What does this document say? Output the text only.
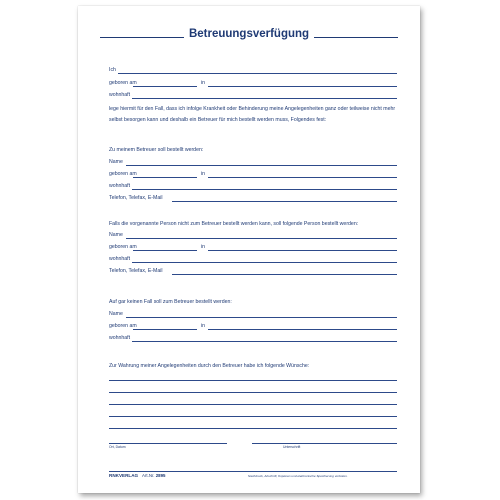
Betreuungsverfügung
Ich
geboren am	in
wohnhaft
lege hiermit für den Fall, dass ich infolge Krankheit oder Behinderung meine Angelegenheiten ganz oder teilweise nicht mehr selbst besorgen kann und deshalb ein Betreuer für mich bestellt werden muss, Folgendes fest:
Zu meinem Betreuer soll bestellt werden:
Name
geboren am	in
wohnhaft
Telefon, Telefax, E-Mail
Falls die vorgenannte Person nicht zum Betreuer bestellt werden kann, soll folgende Person bestellt werden:
Name
geboren am	in
wohnhaft
Telefon, Telefax, E-Mail
Auf gar keinen Fall soll zum Betreuer bestellt werden:
Name
geboren am	in
wohnhaft
Zur Wahrung meiner Angelegenheiten durch den Betreuer habe ich folgende Wünsche:
Ort, Datum	Unterschrift
RNKVERLAG Art.Nr. 2895	Nachdruck, Abschrift, Kopieren und elektronische Speicherung verboten.
